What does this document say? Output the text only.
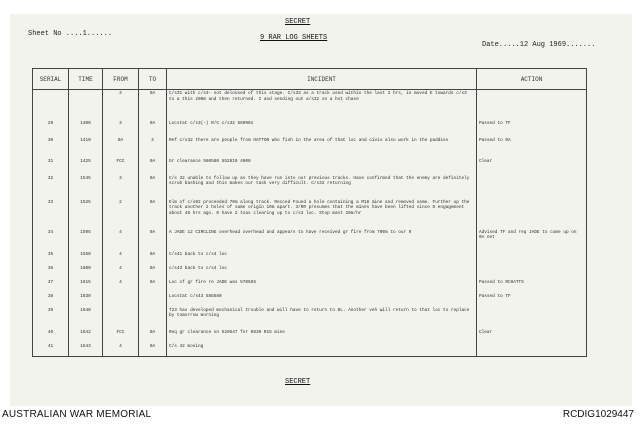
SECRET
Sheet No ....1......	9 RAR LOG SHEETS
Date.....12 Aug 1969.......
SERIAL	TIME	FROM	TO	INCIDENT	ACTION
		3	0A	C/s31 with c/s3- not deloused of this stage. C/s33 as a track used within the last 2 hrs, in moved E towards c/s3 to a this 200m and then returned. I and sending out a/s32 on a hot chase	
29	1400	3	0A	Locstat c/s3(-) R/C c/s32 560901	Passed to TF
30	1410	0A	3	Ref c/s32 there are people from HATTON who fish in the area of that loc and civis also work in the paddies	Passed to 0A
31	1425	FCC	0A	Gr clearance 560580 552810 4000	Clear
32	1545	3	0A	C/s 32 unable to follow up as they have run into our previous tracks. Have confirmed that the enemy are definitely scrub bashing and this makes our task very difficult. C/s32 returning	
33	1525	2	0A	Elm of c/s02 proceeded 70m along track. Recced Found a hole containing a M16 mine and removed same. Further up the track another 2 holes of same origin 10m apart. 3/RR presumes that the mines have been lifted since D engagement about 48 hrs ago. 0 have 2 txas clearing up to c/s3 loc. Stop mast 20m/hr	
34	1505	4	0A	A JADE 12 CIRCLING overhead overhead and appears to have received gr fire from 700m to our 9	Advised TF and req JADE to come up on 0A net
35	1550	4	0A	C/s41 back to c/s4 loc	
36	1600	4	0A	c/s43 back to c/s4 loc	
37	1615	4	0A	Loc of gr fire re JADE was 570565	Passed to RCHATTS
38	1630			Locstat c/s43 585580	Passed to TF
39	1640			T23 has developed mechanical trouble and will have to return to 0L. Another veh will return to that loc to replace by tomorrow morning	
40	1642	FCC	0A	Req gr clearance on 520547 for 0830 R15 mine	Clear
41	1643	4	0A	C/s 42 moving	
SECRET
AUSTRALIAN WAR MEMORIAL	RCDIG1029447
